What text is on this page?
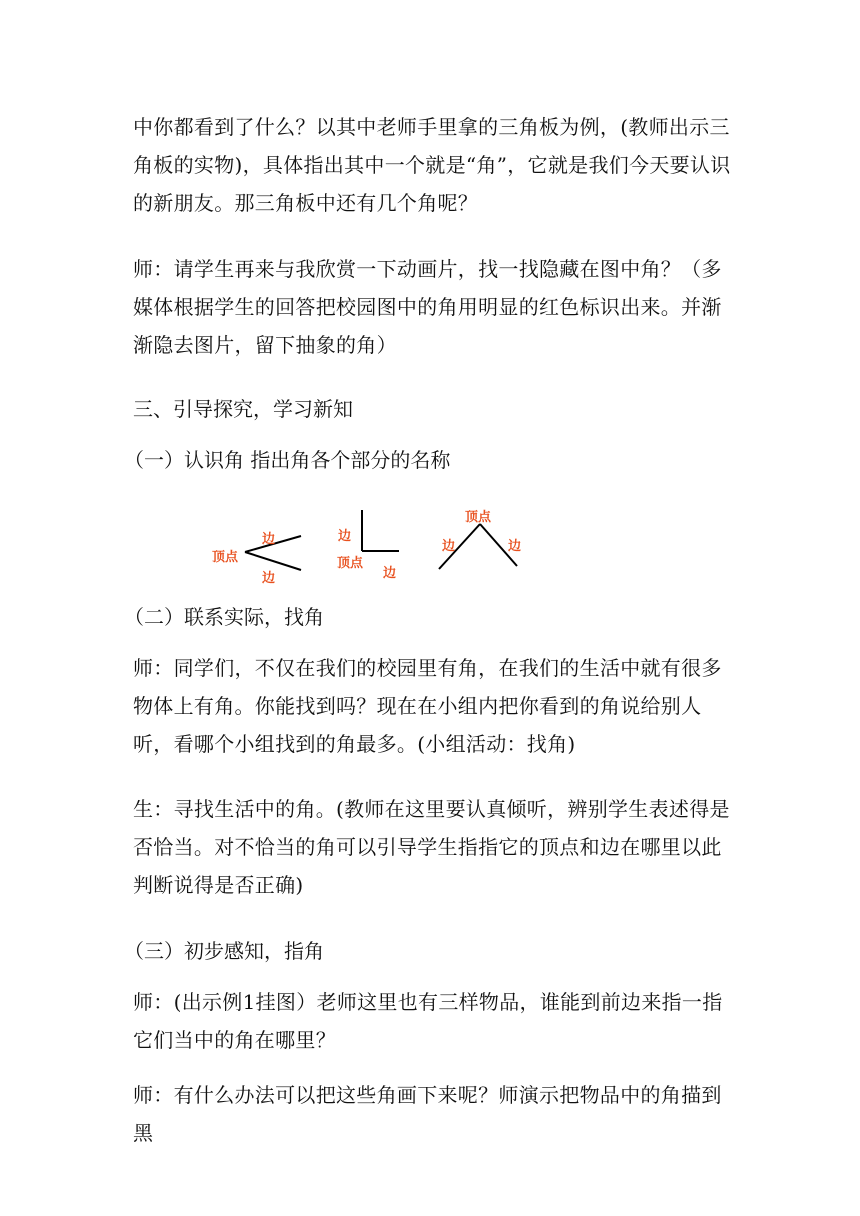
中你都看到了什么？以其中老师手里拿的三角板为例，(教师出示三角板的实物)，具体指出其中一个就是“角”，它就是我们今天要认识的新朋友。那三角板中还有几个角呢？

师：请学生再来与我欣赏一下动画片，找一找隐藏在图中角？（多媒体根据学生的回答把校园图中的角用明显的红色标识出来。并渐渐隐去图片，留下抽象的角）

三、引导探究，学习新知

（一）认识角 指出角各个部分的名称

顶点
边
边
边
顶点
边
顶点
边	边

（二）联系实际，找角

师：同学们，不仅在我们的校园里有角，在我们的生活中就有很多物体上有角。你能找到吗？现在在小组内把你看到的角说给别人听，看哪个小组找到的角最多。(小组活动：找角)

生：寻找生活中的角。(教师在这里要认真倾听，辨别学生表述得是否恰当。对不恰当的角可以引导学生指指它的顶点和边在哪里以此判断说得是否正确)

（三）初步感知，指角

师：(出示例1挂图）老师这里也有三样物品，谁能到前边来指一指它们当中的角在哪里？

师：有什么办法可以把这些角画下来呢？师演示把物品中的角描到黑
